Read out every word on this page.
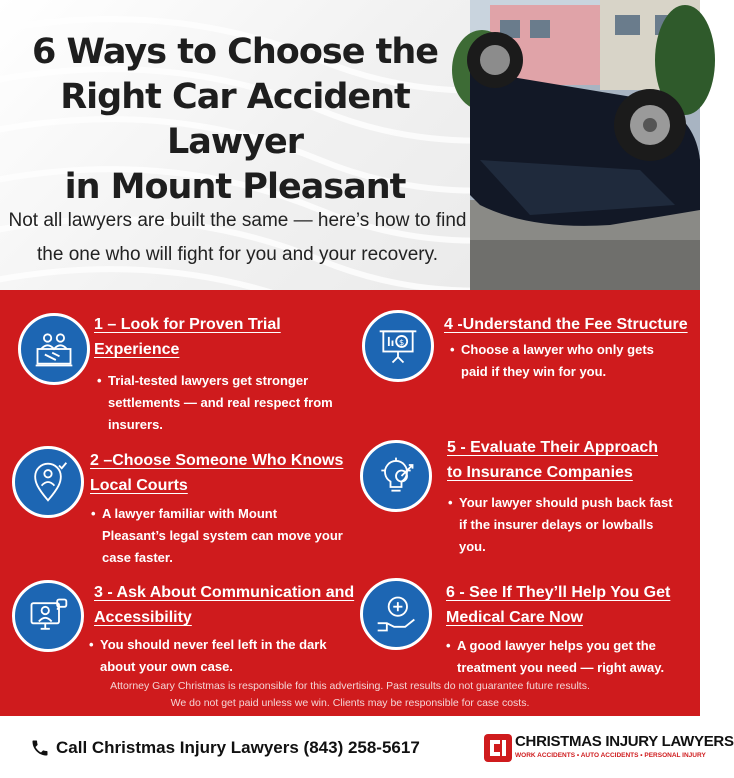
6 Ways to Choose the
Right Car Accident Lawyer
in Mount Pleasant
Not all lawyers are built the same — here’s how to find
the one who will fight for you and your recovery.
1 – Look for Proven Trial
Experience
• Trial-tested lawyers get stronger
settlements — and real respect from
insurers.
2 –Choose Someone Who Knows
Local Courts
• A lawyer familiar with Mount
Pleasant’s legal system can move your
case faster.
3 - Ask About Communication and
Accessibility
• You should never feel left in the dark
about your own case.
$
4 -Understand the Fee Structure
• Choose a lawyer who only gets
paid if they win for you.
5 - Evaluate Their Approach
to Insurance Companies
• Your lawyer should push back fast
if the insurer delays or lowballs
you.
6 - See If They’ll Help You Get
Medical Care Now
• A good lawyer helps you get the
treatment you need — right away.
Attorney Gary Christmas is responsible for this advertising. Past results do not guarantee future results.
We do not get paid unless we win. Clients may be responsible for case costs.
Call Christmas Injury Lawyers (843) 258-5617	CHRISTMAS INJURY LAWYERS
WORK ACCIDENTS • AUTO ACCIDENTS • PERSONAL INJURY
